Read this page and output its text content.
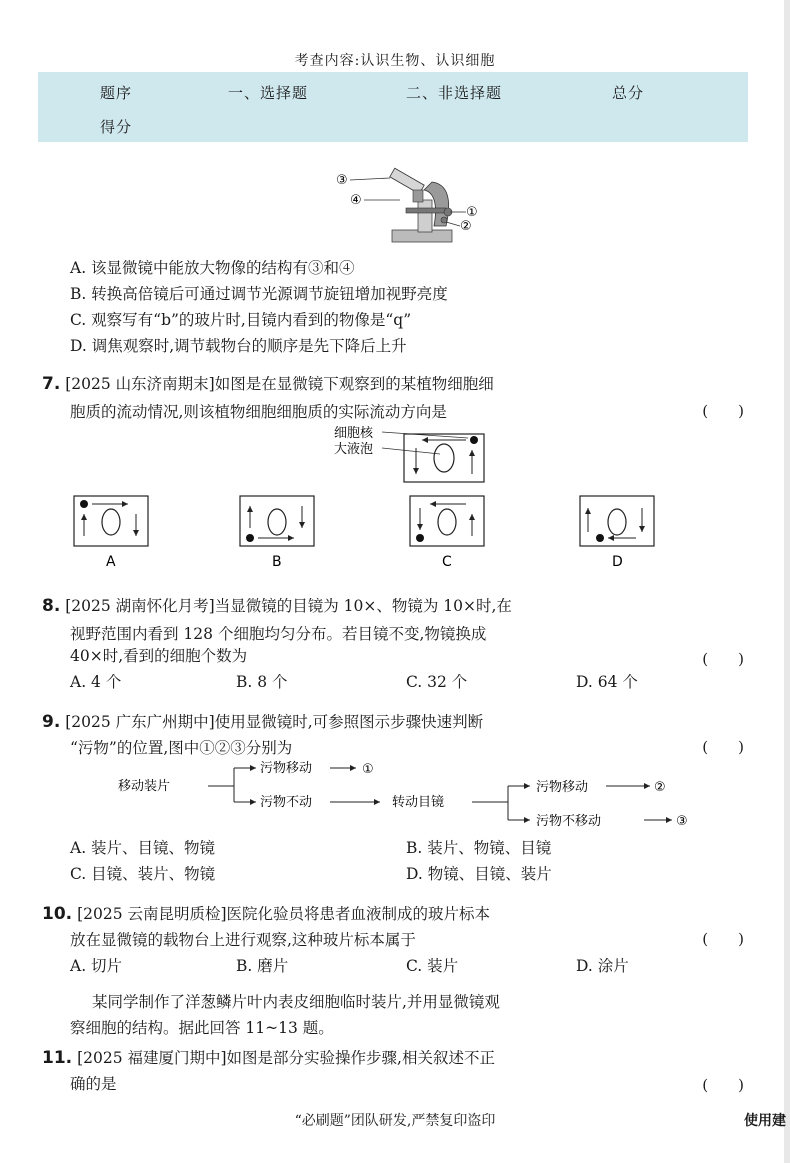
考查内容:认识生物、认识细胞
题序	一、选择题	二、非选择题	总分
得分
③
④
①
②
A. 该显微镜中能放大物像的结构有③和④
B. 转换高倍镜后可通过调节光源调节旋钮增加视野亮度
C. 观察写有“b”的玻片时,目镜内看到的物像是“q”
D. 调焦观察时,调节载物台的顺序是先下降后上升
7. [2025 山东济南期末]如图是在显微镜下观察到的某植物细胞细
胞质的流动情况,则该植物细胞细胞质的实际流动方向是	(　　)
细胞核
大液泡
A	B	C	D
8. [2025 湖南怀化月考]当显微镜的目镜为 10×、物镜为 10×时,在
视野范围内看到 128 个细胞均匀分布。若目镜不变,物镜换成
40×时,看到的细胞个数为	(　　)
A. 4 个	B. 8 个	C. 32 个	D. 64 个
9. [2025 广东广州期中]使用显微镜时,可参照图示步骤快速判断
“污物”的位置,图中①②③分别为	(　　)
移动装片
污物移动	①
污物不动	转动目镜
污物移动	②
污物不移动	③
A. 装片、目镜、物镜	B. 装片、物镜、目镜
C. 目镜、装片、物镜	D. 物镜、目镜、装片
10. [2025 云南昆明质检]医院化验员将患者血液制成的玻片标本
放在显微镜的载物台上进行观察,这种玻片标本属于	(　　)
A. 切片	B. 磨片	C. 装片	D. 涂片
某同学制作了洋葱鳞片叶内表皮细胞临时装片,并用显微镜观
察细胞的结构。据此回答 11~13 题。
11. [2025 福建厦门期中]如图是部分实验操作步骤,相关叙述不正
确的是	(　　)
“必刷题”团队研发,严禁复印盗印	使用建
